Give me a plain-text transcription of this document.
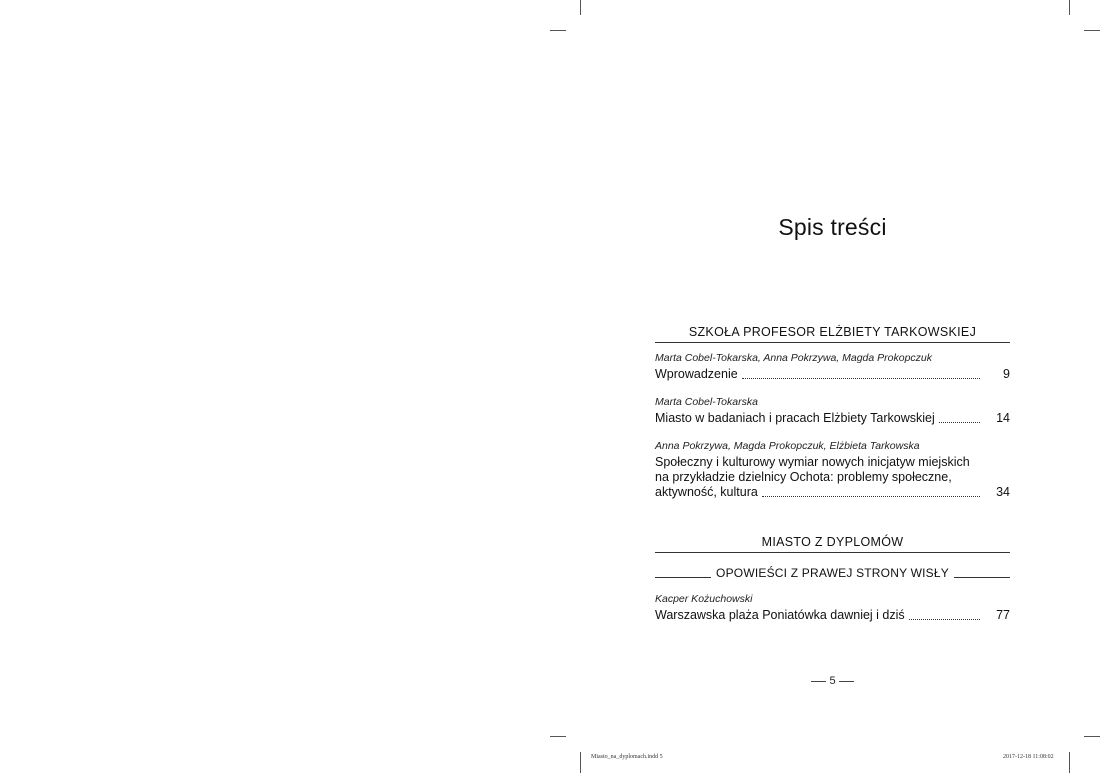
Spis treści
SZKOŁA PROFESOR ELŻBIETY TARKOWSKIEJ
Marta Cobel-Tokarska, Anna Pokrzywa, Magda Prokopczuk
Wprowadzenie	9
Marta Cobel-Tokarska
Miasto w badaniach i pracach Elżbiety Tarkowskiej	14
Anna Pokrzywa, Magda Prokopczuk, Elżbieta Tarkowska
Społeczny i kulturowy wymiar nowych inicjatyw miejskich
na przykładzie dzielnicy Ochota: problemy społeczne,
aktywność, kultura	34
MIASTO Z DYPLOMÓW
OPOWIEŚCI Z PRAWEJ STRONY WISŁY
Kacper Kożuchowski
Warszawska plaża Poniatówka dawniej i dziś	77
5
Miasto_na_dyplomach.indd 5	2017-12-18 11:08:02
